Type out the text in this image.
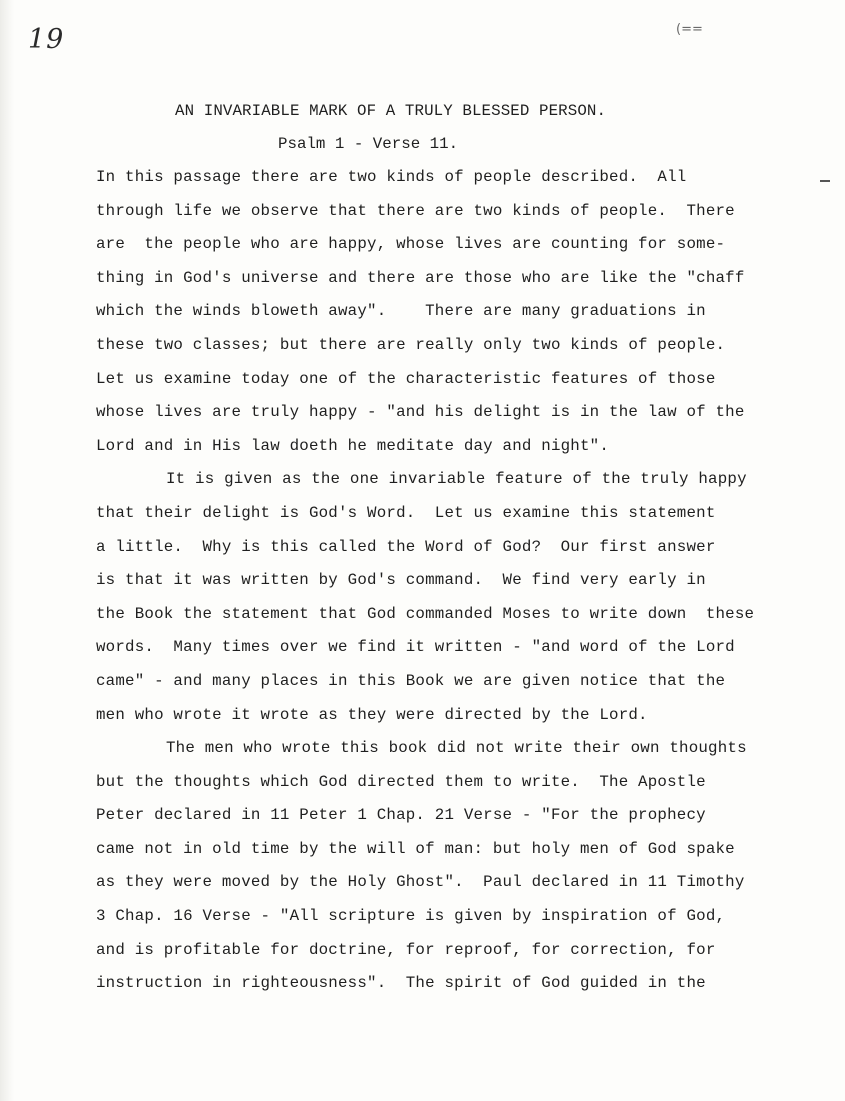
19	(==
AN INVARIABLE MARK OF A TRULY BLESSED PERSON.
Psalm 1 - Verse 11.
In this passage there are two kinds of people described.  All
through life we observe that there are two kinds of people.  There
are  the people who are happy, whose lives are counting for some-
thing in God's universe and there are those who are like the "chaff
which the winds bloweth away".    There are many graduations in
these two classes; but there are really only two kinds of people.
Let us examine today one of the characteristic features of those
whose lives are truly happy - "and his delight is in the law of the
Lord and in His law doeth he meditate day and night".
It is given as the one invariable feature of the truly happy
that their delight is God's Word.  Let us examine this statement
a little.  Why is this called the Word of God?  Our first answer
is that it was written by God's command.  We find very early in
the Book the statement that God commanded Moses to write down  these
words.  Many times over we find it written - "and word of the Lord
came" - and many places in this Book we are given notice that the
men who wrote it wrote as they were directed by the Lord.
The men who wrote this book did not write their own thoughts
but the thoughts which God directed them to write.  The Apostle
Peter declared in 11 Peter 1 Chap. 21 Verse - "For the prophecy
came not in old time by the will of man: but holy men of God spake
as they were moved by the Holy Ghost".  Paul declared in 11 Timothy
3 Chap. 16 Verse - "All scripture is given by inspiration of God,
and is profitable for doctrine, for reproof, for correction, for
instruction in righteousness".  The spirit of God guided in the
